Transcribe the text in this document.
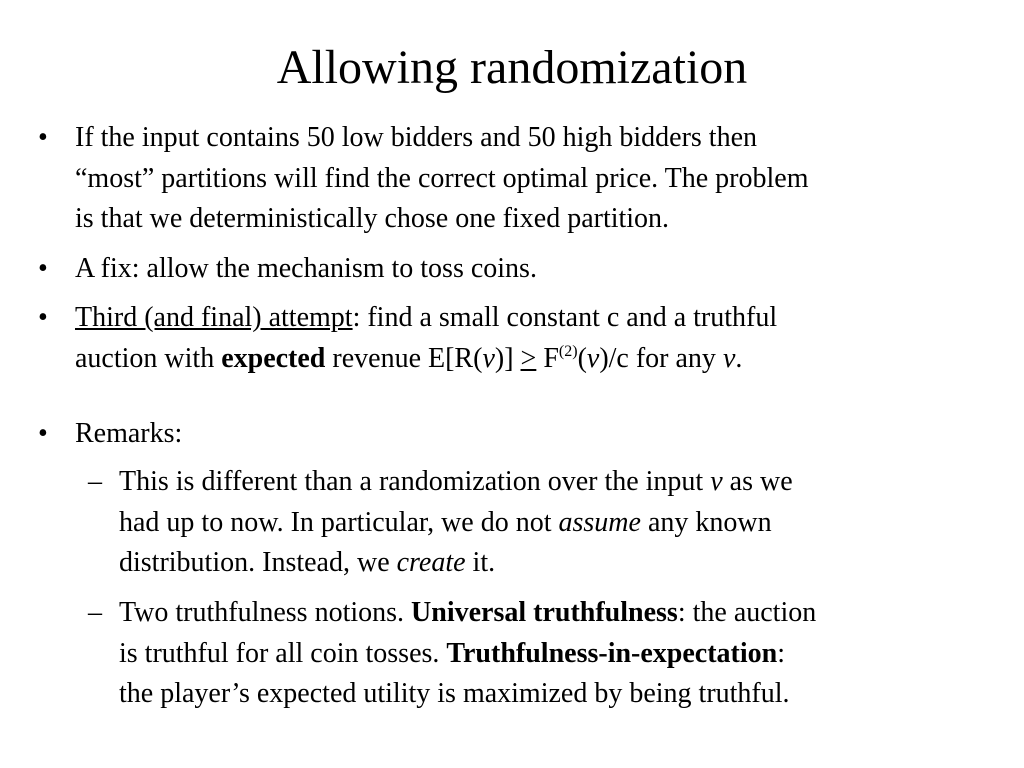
Allowing randomization
• If the input contains 50 low bidders and 50 high bidders then
“most” partitions will find the correct optimal price. The problem
is that we deterministically chose one fixed partition.
• A fix: allow the mechanism to toss coins.
• Third (and final) attempt: find a small constant c and a truthful
auction with expected revenue $E[R(v)] \ge F^{(2)}(v)/c$ for any v.
• Remarks:
– This is different than a randomization over the input v as we
had up to now. In particular, we do not assume any known
distribution. Instead, we create it.
– Two truthfulness notions. Universal truthfulness: the auction
is truthful for all coin tosses. Truthfulness-in-expectation:
the player’s expected utility is maximized by being truthful.
